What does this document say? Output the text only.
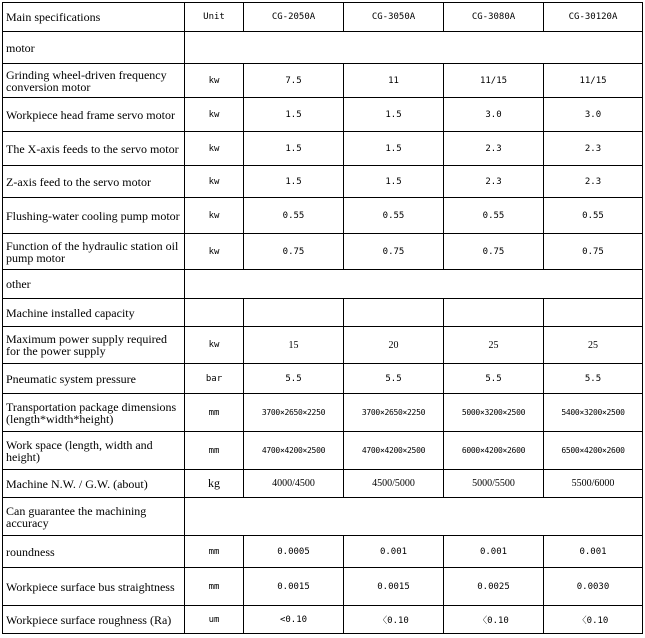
Main specifications	Unit	CG-2050A	CG-3050A	CG-3080A	CG-30120A
motor					
Grinding wheel-driven frequency conversion motor	kw	7.5	11	11/15	11/15
Workpiece head frame servo motor	kw	1.5	1.5	3.0	3.0
The X-axis feeds to the servo motor	kw	1.5	1.5	2.3	2.3
Z-axis feed to the servo motor	kw	1.5	1.5	2.3	2.3
Flushing-water cooling pump motor	kw	0.55	0.55	0.55	0.55
Function of the hydraulic station oil pump motor	kw	0.75	0.75	0.75	0.75
other					
Machine installed capacity					
Maximum power supply required for the power supply	kw	15	20	25	25
Pneumatic system pressure	bar	5.5	5.5	5.5	5.5
Transportation package dimensions (length*width*height)	mm	3700×2650×2250	3700×2650×2250	5000×3200×2500	5400×3200×2500
Work space (length, width and height)	mm	4700×4200×2500	4700×4200×2500	6000×4200×2600	6500×4200×2600
Machine N.W. / G.W. (about)	kg	4000/4500	4500/5000	5000/5500	5500/6000
Can guarantee the machining accuracy					
roundness	mm	0.0005	0.001	0.001	0.001
Workpiece surface bus straightness	mm	0.0015	0.0015	0.0025	0.0030
Workpiece surface roughness (Ra)	um	<0.10	〈0.10	〈0.10	〈0.10
